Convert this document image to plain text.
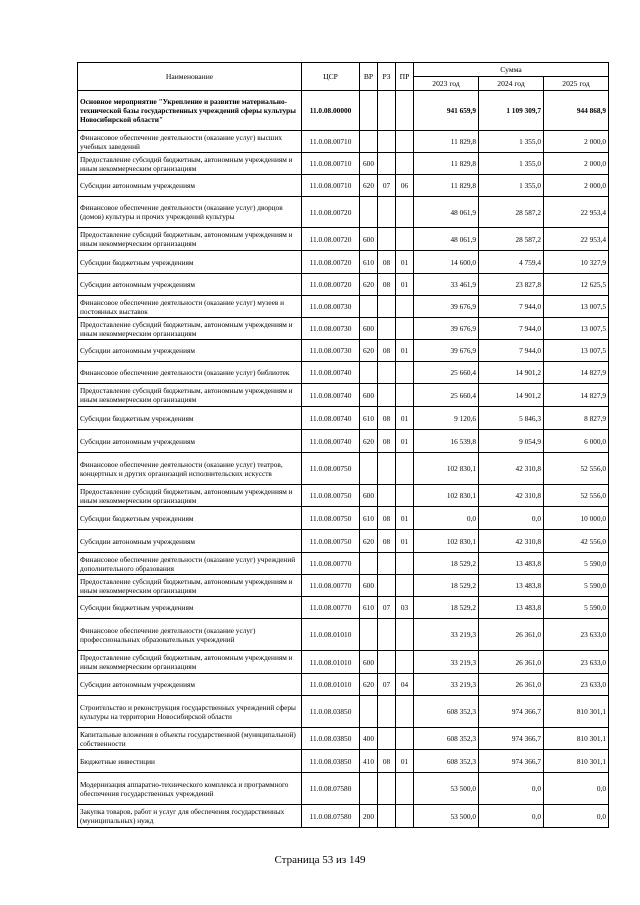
Наименование	ЦСР	ВР	РЗ	ПР	Сумма		
					2023 год	2024 год	2025 год
Основное мероприятие "Укрепление и развитие материально-технической базы государственных учреждений сферы культуры Новосибирской области"	11.0.08.00000				941 659,9	1 109 309,7	944 868,9
Финансовое обеспечение деятельности (оказание услуг) высших учебных заведений	11.0.08.00710				11 829,8	1 355,0	2 000,0
Предоставление субсидий бюджетным, автономным учреждениям и иным некоммерческим организациям	11.0.08.00710	600			11 829,8	1 355,0	2 000,0
Субсидии автономным учреждениям	11.0.08.00710	620	07	06	11 829,8	1 355,0	2 000,0
Финансовое обеспечение деятельности (оказание услуг) дворцов (домов) культуры и прочих учреждений культуры	11.0.08.00720				48 061,9	28 587,2	22 953,4
Предоставление субсидий бюджетным, автономным учреждениям и иным некоммерческим организациям	11.0.08.00720	600			48 061,9	28 587,2	22 953,4
Субсидии бюджетным учреждениям	11.0.08.00720	610	08	01	14 600,0	4 759,4	10 327,9
Субсидии автономным учреждениям	11.0.08.00720	620	08	01	33 461,9	23 827,8	12 625,5
Финансовое обеспечение деятельности (оказание услуг) музеев и постоянных выставок	11.0.08.00730				39 676,9	7 944,0	13 007,5
Предоставление субсидий бюджетным, автономным учреждениям и иным некоммерческим организациям	11.0.08.00730	600			39 676,9	7 944,0	13 007,5
Субсидии автономным учреждениям	11.0.08.00730	620	08	01	39 676,9	7 944,0	13 007,5
Финансовое обеспечение деятельности (оказание услуг) библиотек	11.0.08.00740				25 660,4	14 901,2	14 827,9
Предоставление субсидий бюджетным, автономным учреждениям и иным некоммерческим организациям	11.0.08.00740	600			25 660,4	14 901,2	14 827,9
Субсидии бюджетным учреждениям	11.0.08.00740	610	08	01	9 120,6	5 846,3	8 827,9
Субсидии автономным учреждениям	11.0.08.00740	620	08	01	16 539,8	9 054,9	6 000,0
Финансовое обеспечение деятельности (оказание услуг) театров, концертных и других организаций исполнительских искусств	11.0.08.00750				102 830,1	42 310,8	52 556,0
Предоставление субсидий бюджетным, автономным учреждениям и иным некоммерческим организациям	11.0.08.00750	600			102 830,1	42 310,8	52 556,0
Субсидии бюджетным учреждениям	11.0.08.00750	610	08	01	0,0	0,0	10 000,0
Субсидии автономным учреждениям	11.0.08.00750	620	08	01	102 830,1	42 310,8	42 556,0
Финансовое обеспечение деятельности (оказание услуг) учреждений дополнительного образования	11.0.08.00770				18 529,2	13 483,8	5 590,0
Предоставление субсидий бюджетным, автономным учреждениям и иным некоммерческим организациям	11.0.08.00770	600			18 529,2	13 483,8	5 590,0
Субсидии бюджетным учреждениям	11.0.08.00770	610	07	03	18 529,2	13 483,8	5 590,0
Финансовое обеспечение деятельности (оказание услуг) профессиональных образовательных учреждений	11.0.08.01010				33 219,3	26 361,0	23 633,0
Предоставление субсидий бюджетным, автономным учреждениям и иным некоммерческим организациям	11.0.08.01010	600			33 219,3	26 361,0	23 633,0
Субсидии автономным учреждениям	11.0.08.01010	620	07	04	33 219,3	26 361,0	23 633,0
Строительство и реконструкция государственных учреждений сферы культуры на территории Новосибирской области	11.0.08.03850				608 352,3	974 366,7	810 301,1
Капитальные вложения в объекты государственной (муниципальной) собственности	11.0.08.03850	400			608 352,3	974 366,7	810 301,1
Бюджетные инвестиции	11.0.08.03850	410	08	01	608 352,3	974 366,7	810 301,1
Модернизация аппаратно-технического комплекса и программного обеспечения государственных учреждений	11.0.08.07580				53 500,0	0,0	0,0
Закупка товаров, работ и услуг для обеспечения государственных (муниципальных) нужд	11.0.08.07580	200			53 500,0	0,0	0,0
Страница 53 из 149
